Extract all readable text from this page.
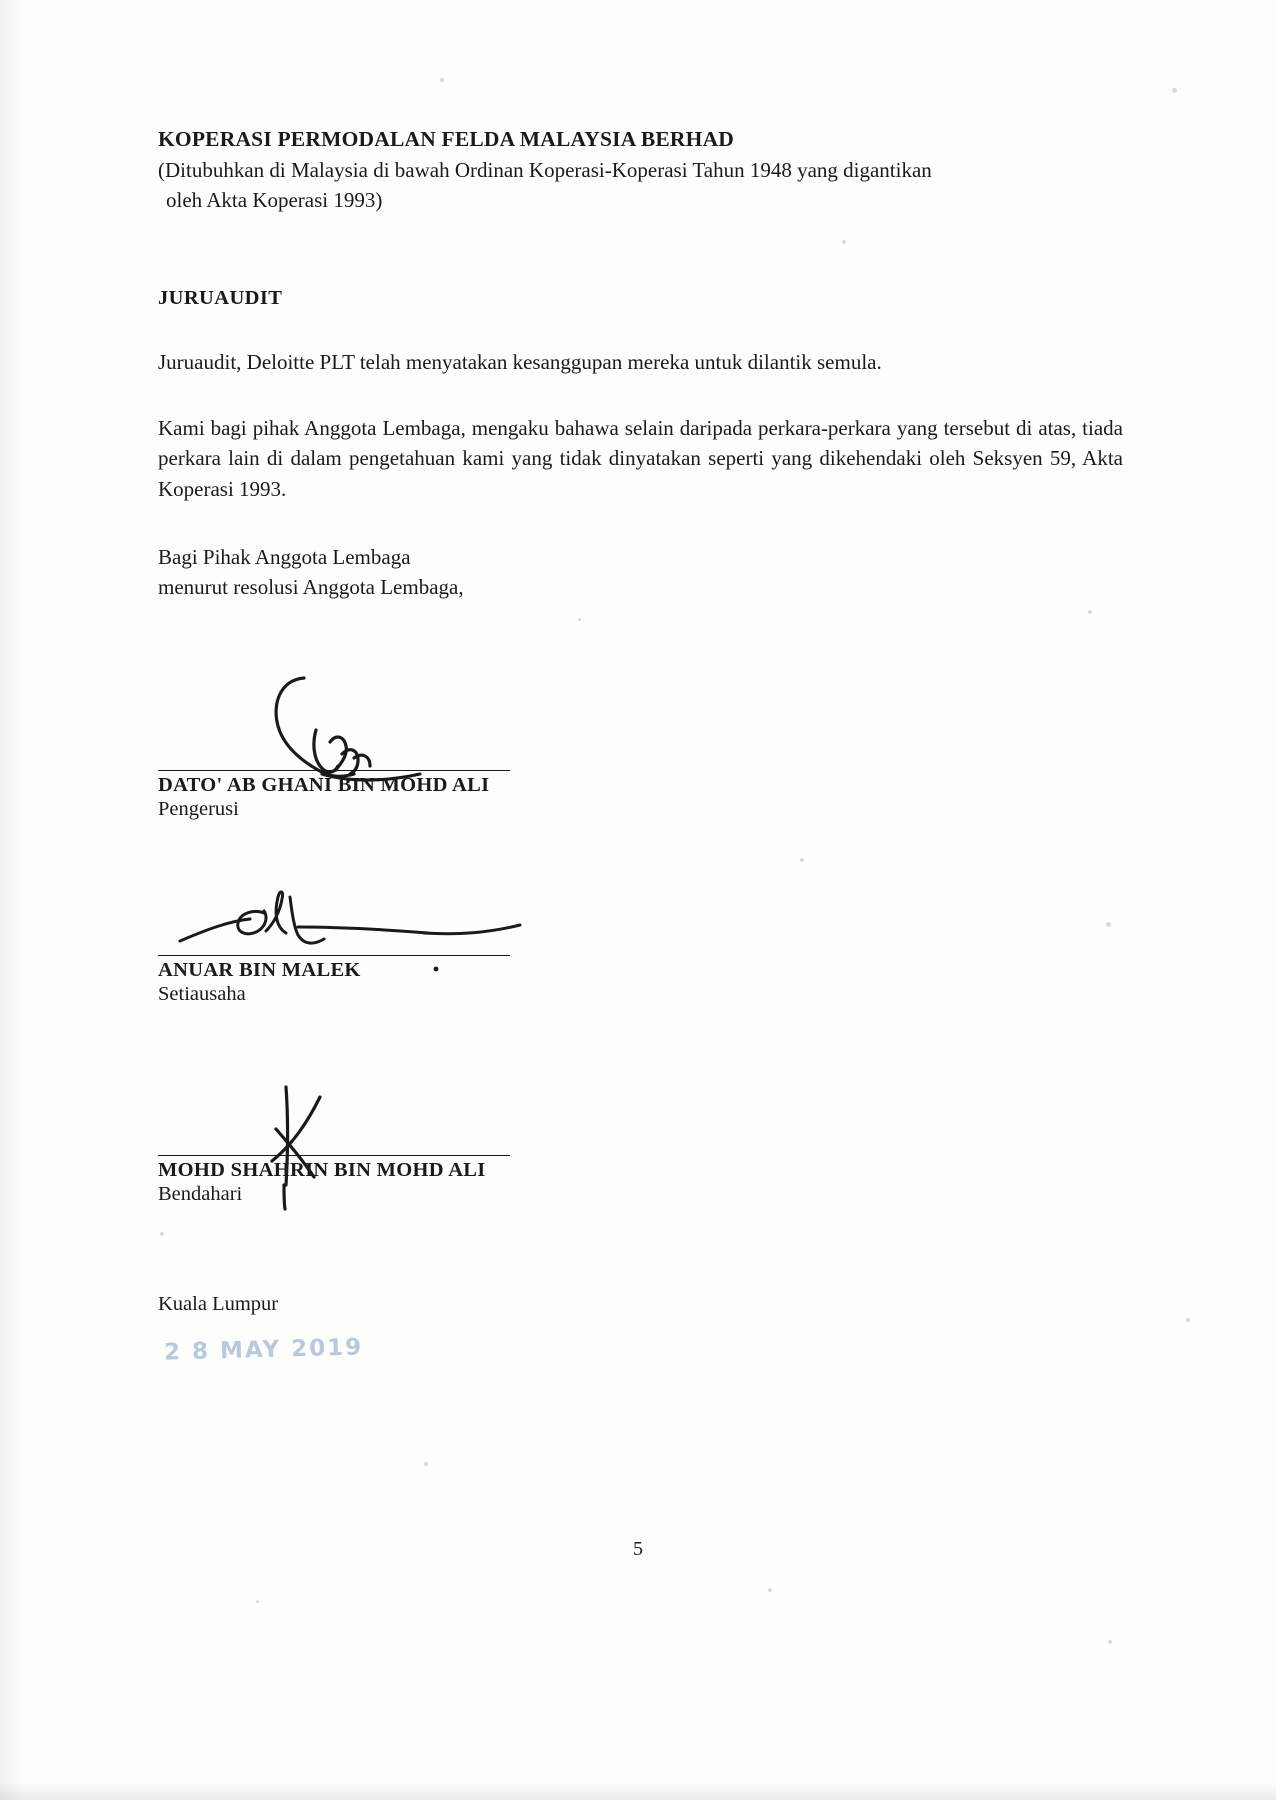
KOPERASI PERMODALAN FELDA MALAYSIA BERHAD

(Ditubuhkan di Malaysia di bawah Ordinan Koperasi-Koperasi Tahun 1948 yang digantikan
oleh Akta Koperasi 1993)

JURUAUDIT

Juruaudit, Deloitte PLT telah menyatakan kesanggupan mereka untuk dilantik semula.

Kami bagi pihak Anggota Lembaga, mengaku bahawa selain daripada perkara-perkara yang tersebut di atas, tiada perkara lain di dalam pengetahuan kami yang tidak dinyatakan seperti yang dikehendaki oleh Seksyen 59, Akta Koperasi 1993.

Bagi Pihak Anggota Lembaga

menurut resolusi Anggota Lembaga,

DATO' AB GHANI BIN MOHD ALI
Pengerusi
ANUAR BIN MALEK
Setiausaha
MOHD SHAHRIN BIN MOHD ALI
Bendahari
Kuala Lumpur
2 8 MAY 2019
5
